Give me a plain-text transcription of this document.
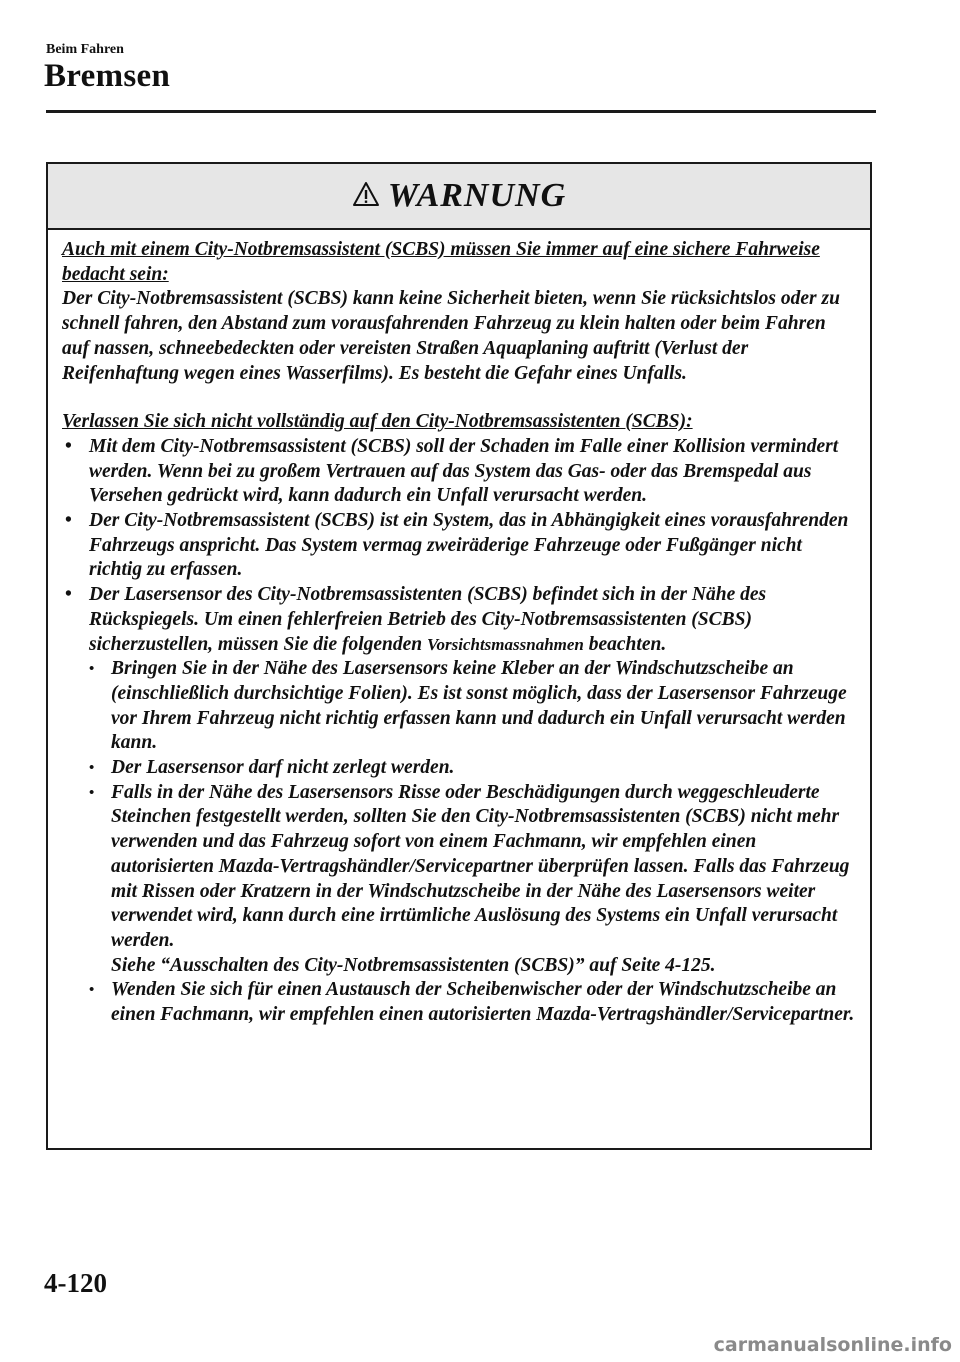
Beim Fahren
Bremsen
WARNUNG

Auch mit einem City-Notbremsassistent (SCBS) müssen Sie immer auf eine sichere Fahrweise bedacht sein:

Der City-Notbremsassistent (SCBS) kann keine Sicherheit bieten, wenn Sie rücksichtslos oder zu schnell fahren, den Abstand zum vorausfahrenden Fahrzeug zu klein halten oder beim Fahren auf nassen, schneebedeckten oder vereisten Straßen Aquaplaning auftritt (Verlust der Reifenhaftung wegen eines Wasserfilms). Es besteht die Gefahr eines Unfalls.

Verlassen Sie sich nicht vollständig auf den City-Notbremsassistenten (SCBS):

• Mit dem City-Notbremsassistent (SCBS) soll der Schaden im Falle einer Kollision vermindert werden. Wenn bei zu großem Vertrauen auf das System das Gas- oder das Bremspedal aus Versehen gedrückt wird, kann dadurch ein Unfall verursacht werden.
• Der City-Notbremsassistent (SCBS) ist ein System, das in Abhängigkeit eines vorausfahrenden Fahrzeugs anspricht. Das System vermag zweiräderige Fahrzeuge oder Fußgänger nicht richtig zu erfassen.
• Der Lasersensor des City-Notbremsassistenten (SCBS) befindet sich in der Nähe des Rückspiegels. Um einen fehlerfreien Betrieb des City-Notbremsassistenten (SCBS) sicherzustellen, müssen Sie die folgenden Vorsichtsmassnahmen beachten.
• Bringen Sie in der Nähe des Lasersensors keine Kleber an der Windschutzscheibe an (einschließlich durchsichtige Folien). Es ist sonst möglich, dass der Lasersensor Fahrzeuge vor Ihrem Fahrzeug nicht richtig erfassen kann und dadurch ein Unfall verursacht werden kann.
• Der Lasersensor darf nicht zerlegt werden.
• Falls in der Nähe des Lasersensors Risse oder Beschädigungen durch weggeschleuderte Steinchen festgestellt werden, sollten Sie den City-Notbremsassistenten (SCBS) nicht mehr verwenden und das Fahrzeug sofort von einem Fachmann, wir empfehlen einen autorisierten Mazda-Vertragshändler/Servicepartner überprüfen lassen. Falls das Fahrzeug mit Rissen oder Kratzern in der Windschutzscheibe in der Nähe des Lasersensors weiter verwendet wird, kann durch eine irrtümliche Auslösung des Systems ein Unfall verursacht werden.

Siehe “Ausschalten des City-Notbremsassistenten (SCBS)” auf Seite 4-125.

• Wenden Sie sich für einen Austausch der Scheibenwischer oder der Windschutzscheibe an einen Fachmann, wir empfehlen einen autorisierten Mazda-Vertragshändler/Servicepartner.
4-120
carmanualsonline.info
